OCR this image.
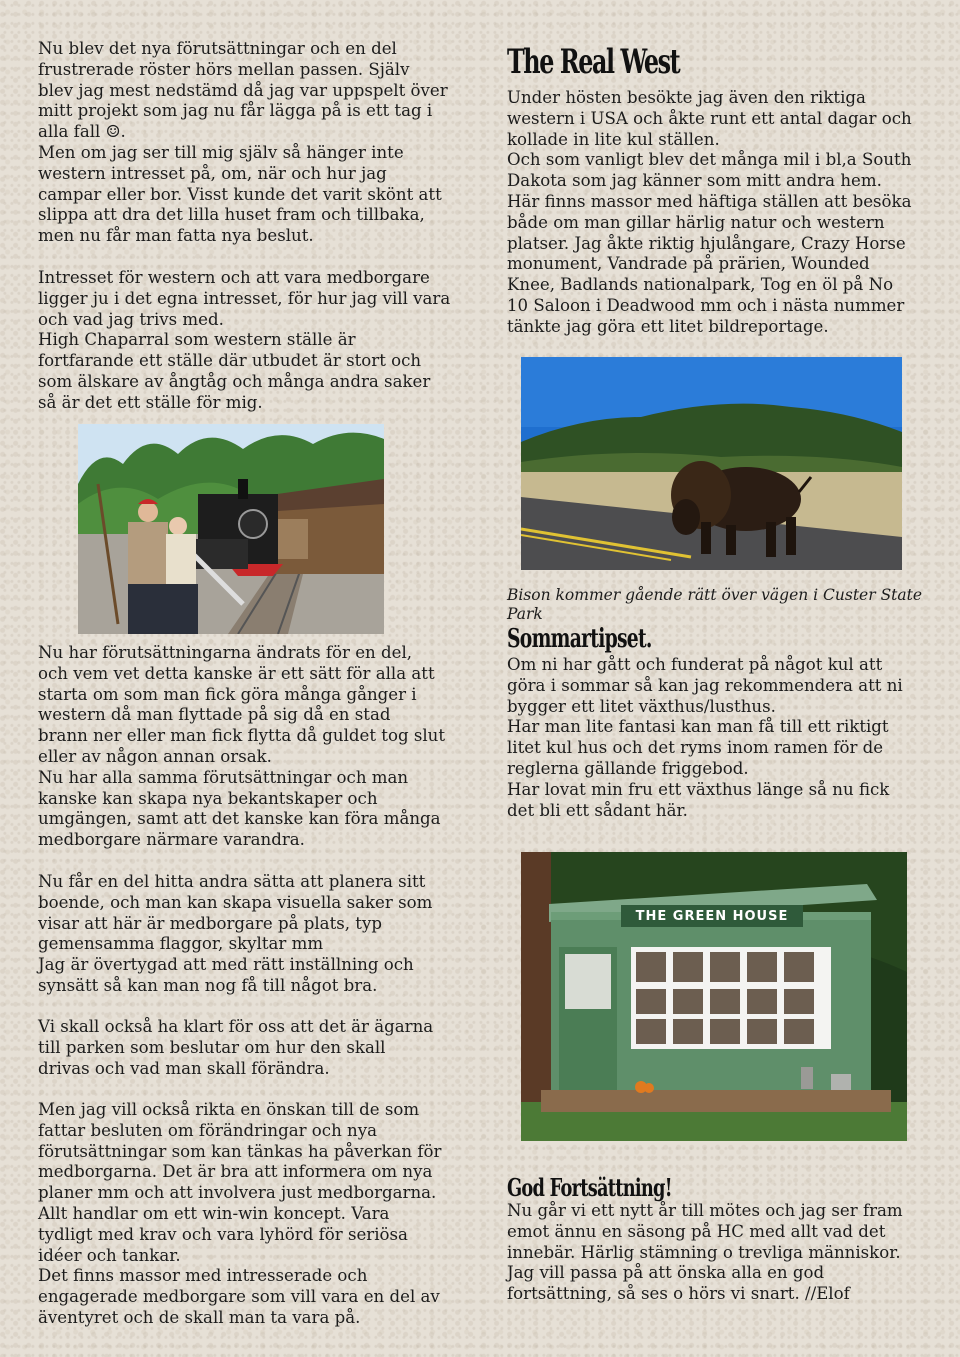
Nu blev det nya förutsättningar och en del
frustrerade röster hörs mellan passen. Själv
blev jag mest nedstämd då jag var uppspelt över
mitt projekt som jag nu får lägga på is ett tag i
alla fall ☺.
Men om jag ser till mig själv så hänger inte
western intresset på, om, när och hur jag
campar eller bor. Visst kunde det varit skönt att
slippa att dra det lilla huset fram och tillbaka,
men nu får man fatta nya beslut.

Intresset för western och att vara medborgare
ligger ju i det egna intresset, för hur jag vill vara
och vad jag trivs med.
High Chaparral som western ställe är
fortfarande ett ställe där utbudet är stort och
som älskare av ångtåg och många andra saker
så är det ett ställe för mig.

Nu har förutsättningarna ändrats för en del,
och vem vet detta kanske är ett sätt för alla att
starta om som man fick göra många gånger i
western då man flyttade på sig då en stad
brann ner eller man fick flytta då guldet tog slut
eller av någon annan orsak.
Nu har alla samma förutsättningar och man
kanske kan skapa nya bekantskaper och
umgängen, samt att det kanske kan föra många
medborgare närmare varandra.

Nu får en del hitta andra sätta att planera sitt
boende, och man kan skapa visuella saker som
visar att här är medborgare på plats, typ
gemensamma flaggor, skyltar mm
Jag är övertygad att med rätt inställning och
synsätt så kan man nog få till något bra.

Vi skall också ha klart för oss att det är ägarna
till parken som beslutar om hur den skall
drivas och vad man skall förändra.

Men jag vill också rikta en önskan till de som
fattar besluten om förändringar och nya
förutsättningar som kan tänkas ha påverkan för
medborgarna. Det är bra att informera om nya
planer mm och att involvera just medborgarna.
Allt handlar om ett win-win koncept. Vara
tydligt med krav och vara lyhörd för seriösa
idéer och tankar.
Det finns massor med intresserade och
engagerade medborgare som vill vara en del av
äventyret och de skall man ta vara på.

The Real West

Under hösten besökte jag även den riktiga
western i USA och åkte runt ett antal dagar och
kollade in lite kul ställen.
Och som vanligt blev det många mil i bl,a South
Dakota som jag känner som mitt andra hem.
Här finns massor med häftiga ställen att besöka
både om man gillar härlig natur och western
platser. Jag åkte riktig hjulångare, Crazy Horse
monument, Vandrade på prärien, Wounded
Knee, Badlands nationalpark, Tog en öl på No
10 Saloon i Deadwood mm och i nästa nummer
tänkte jag göra ett litet bildreportage.

Bison kommer gående rätt över vägen i Custer State
Park

Sommartipset.

Om ni har gått och funderat på något kul att
göra i sommar så kan jag rekommendera att ni
bygger ett litet växthus/lusthus.
Har man lite fantasi kan man få till ett riktigt
litet kul hus och det ryms inom ramen för de
reglerna gällande friggebod.
Har lovat min fru ett växthus länge så nu fick
det bli ett sådant här.

THE GREEN HOUSE
God Fortsättning!

Nu går vi ett nytt år till mötes och jag ser fram
emot ännu en säsong på HC med allt vad det
innebär. Härlig stämning o trevliga människor.
Jag vill passa på att önska alla en god
fortsättning, så ses o hörs vi snart. //Elof
